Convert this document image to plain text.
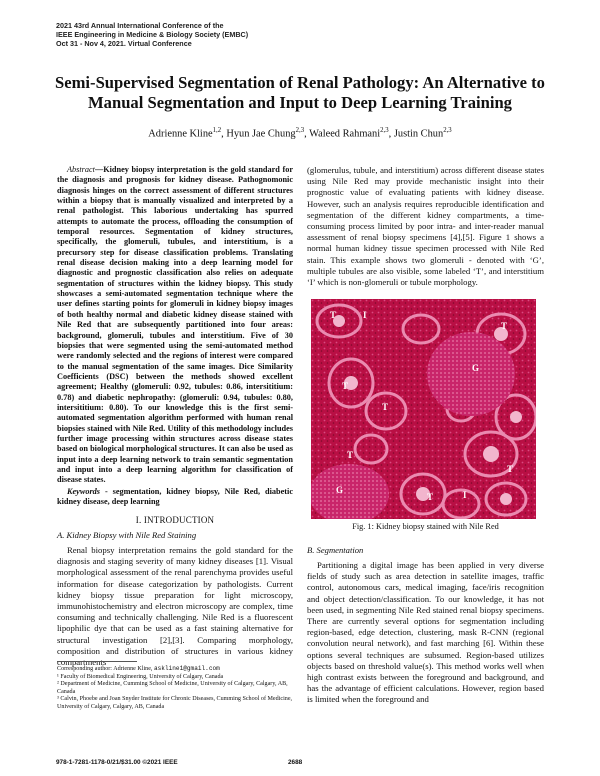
2021 43rd Annual International Conference of the
IEEE Engineering in Medicine & Biology Society (EMBC)
Oct 31 - Nov 4, 2021. Virtual Conference
Semi-Supervised Segmentation of Renal Pathology: An Alternative to
Manual Segmentation and Input to Deep Learning Training
Adrienne Kline$^{1,2}$, Hyun Jae Chung$^{2,3}$, Waleed Rahmani$^{2,3}$, Justin Chun$^{2,3}$
Abstract—Kidney biopsy interpretation is the gold standard for the diagnosis and prognosis for kidney disease. Pathognomonic diagnosis hinges on the correct assessment of different structures within a biopsy that is manually visualized and interpreted by a renal pathologist. This laborious undertaking has spurred attempts to automate the process, offloading the consumption of temporal resources. Segmentation of kidney structures, specifically, the glomeruli, tubules, and interstitium, is a precursory step for disease classification problems. Translating renal disease decision making into a deep learning model for diagnostic and prognostic classification also relies on adequate segmentation of structures within the kidney biopsy. This study showcases a semi-automated segmentation technique where the user defines starting points for glomeruli in kidney biopsy images of both healthy normal and diabetic kidney disease stained with Nile Red that are subsequently partitioned into four areas: background, glomeruli, tubules and interstitium. Five of 30 biopsies that were segmented using the semi-automated method were randomly selected and the regions of interest were compared to the manual segmentation of the same images. Dice Similarity Coefficients (DSC) between the methods showed excellent agreement; Healthy (glomeruli: 0.92, tubules: 0.86, intersititium: 0.78) and diabetic nephropathy: (glomeruli: 0.94, tubules: 0.80, intersititium: 0.80). To our knowledge this is the first semi-automated segmentation algorithm performed with human renal biopsies stained with Nile Red. Utility of this methodology includes further image processing within structures across disease states based on biological morphological structures. It can also be used as input into a deep learning network to train semantic segmentation and input into a deep learning algorithm for classification of disease states.
Keywords - segmentation, kidney biopsy, Nile Red, diabetic kidney disease, deep learning
I. INTRODUCTION
A. Kidney Biopsy with Nile Red Staining
Renal biopsy interpretation remains the gold standard for the diagnosis and staging severity of many kidney diseases [1]. Visual morphological assessment of the renal parenchyma provides useful information for disease categorization by pathologists. Current kidney biopsy tissue preparation for light microscopy, immunohistochemistry and electron microscopy are complex, time consuming and technically challenging. Nile Red is a fluorescent lipophilic dye that can be used as a fast staining alternative for structural investigation [2],[3]. Comparing morphology, composition and distribution of structures in various kidney compartments
Corresponding author: Adrienne Kline, askline1@gmail.com
¹ Faculty of Biomedical Engineering, University of Calgary, Canada
² Department of Medicine, Cumming School of Medicine, University of Calgary, Calgary, AB, Canada
³ Calvin, Phoebe and Joan Snyder Institute for Chronic Diseases, Cumming School of Medicine, University of Calgary, Calgary, AB, Canada
(glomerulus, tubule, and interstitium) across different disease states using Nile Red may provide mechanistic insight into their prognostic value of evaluating patients with kidney disease. However, such an analysis requires reproducible identification and segmentation of the different kidney compartments, a time-consuming process limited by poor intra- and inter-reader manual assessment of renal biopsy specimens [4],[5]. Figure 1 shows a normal human kidney tissue specimen processed with Nile Red stain. This example shows two glomeruli - denoted with ‘G’, multiple tubules are also visible, some labeled ‘T’, and interstitium ‘I’ which is non-glomeruli or tubule morphology.
T	I
T
G
T
T
T
T
G
T	I
Fig. 1: Kidney biopsy stained with Nile Red
B. Segmentation
Partitioning a digital image has been applied in very diverse fields of study such as area detection in satellite images, traffic control, autonomous cars, medical imaging, face/iris recognition and object detection/classification. To our knowledge, it has not been used, in segmenting Nile Red stained renal biopsy specimens. There are currently several options for segmentation including region-based, edge detection, clustering, mask R-CNN (regional convolution neural network), and fast marching [6]. Within these options several techniques are subsumed. Region-based utilizes objects based on threshold value(s). This method works well when high contrast exists between the foreground and background, and has the advantage of efficient calculations. However, region based is limited when the foreground and
978-1-7281-1178-0/21/$31.00 ©2021 IEEE	2688
